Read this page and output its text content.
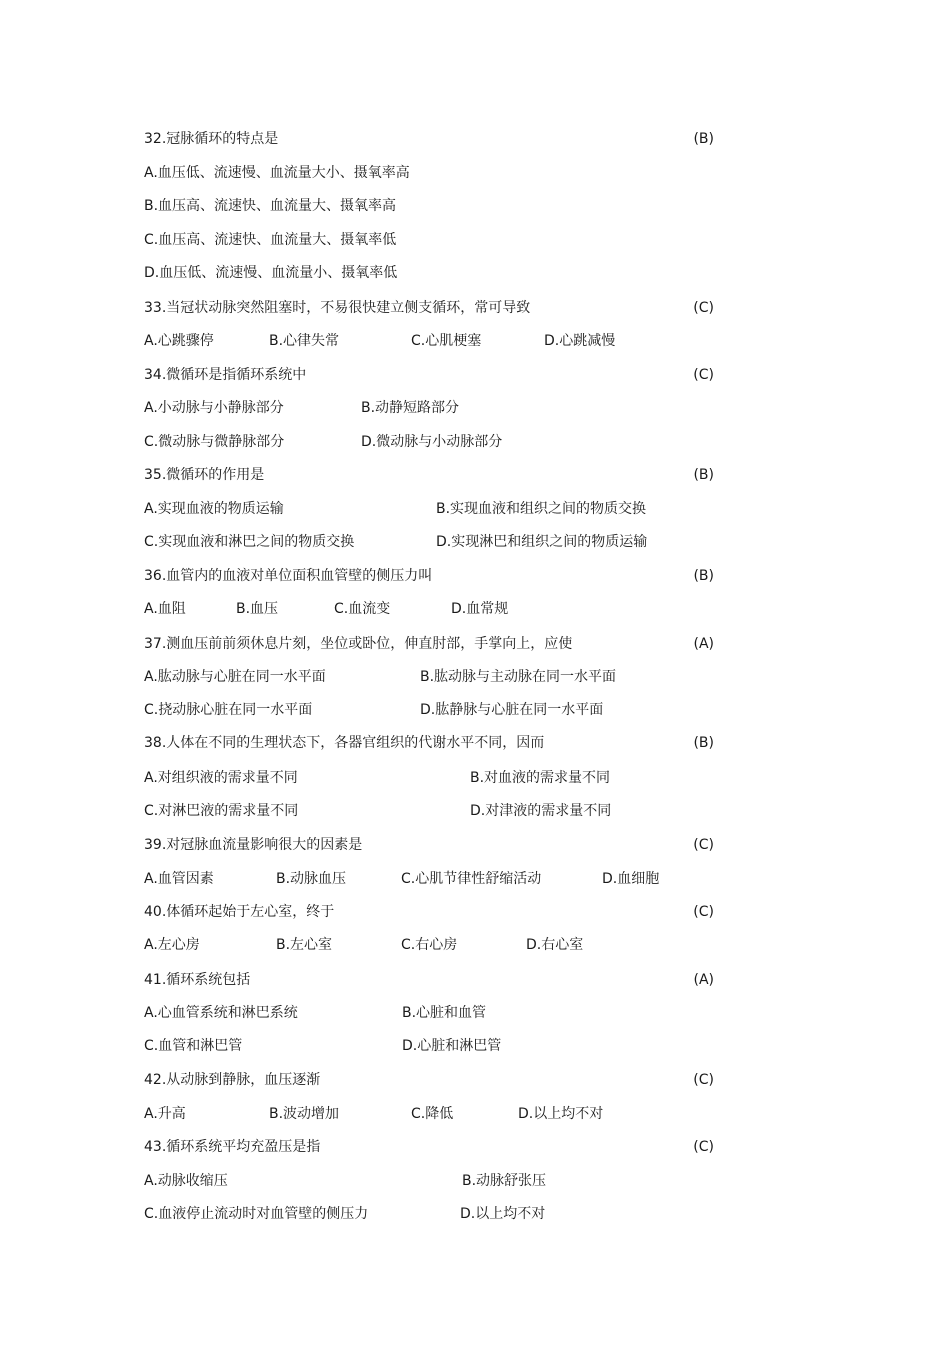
32.冠脉循环的特点是	(B)
A.血压低、流速慢、血流量大小、摄氧率高
B.血压高、流速快、血流量大、摄氧率高
C.血压高、流速快、血流量大、摄氧率低
D.血压低、流速慢、血流量小、摄氧率低
33.当冠状动脉突然阻塞时，不易很快建立侧支循环，常可导致	(C)
A.心跳骤停	B.心律失常	C.心肌梗塞	D.心跳减慢
34.微循环是指循环系统中	(C)
A.小动脉与小静脉部分	B.动静短路部分
C.微动脉与微静脉部分	D.微动脉与小动脉部分
35.微循环的作用是	(B)
A.实现血液的物质运输	B.实现血液和组织之间的物质交换
C.实现血液和淋巴之间的物质交换	D.实现淋巴和组织之间的物质运输
36.血管内的血液对单位面积血管壁的侧压力叫	(B)
A.血阻	B.血压	C.血流变	D.血常规
37.测血压前前须休息片刻，坐位或卧位，伸直肘部，手掌向上，应使	(A)
A.肱动脉与心脏在同一水平面	B.肱动脉与主动脉在同一水平面
C.挠动脉心脏在同一水平面	D.肱静脉与心脏在同一水平面
38.人体在不同的生理状态下，各器官组织的代谢水平不同，因而	(B)
A.对组织液的需求量不同	B.对血液的需求量不同
C.对淋巴液的需求量不同	D.对津液的需求量不同
39.对冠脉血流量影响很大的因素是	(C)
A.血管因素	B.动脉血压	C.心肌节律性舒缩活动	D.血细胞
40.体循环起始于左心室，终于	(C)
A.左心房	B.左心室	C.右心房	D.右心室
41.循环系统包括	(A)
A.心血管系统和淋巴系统	B.心脏和血管
C.血管和淋巴管	D.心脏和淋巴管
42.从动脉到静脉，血压逐渐	(C)
A.升高	B.波动增加	C.降低	D.以上均不对
43.循环系统平均充盈压是指	(C)
A.动脉收缩压	B.动脉舒张压
C.血液停止流动时对血管壁的侧压力	D.以上均不对
